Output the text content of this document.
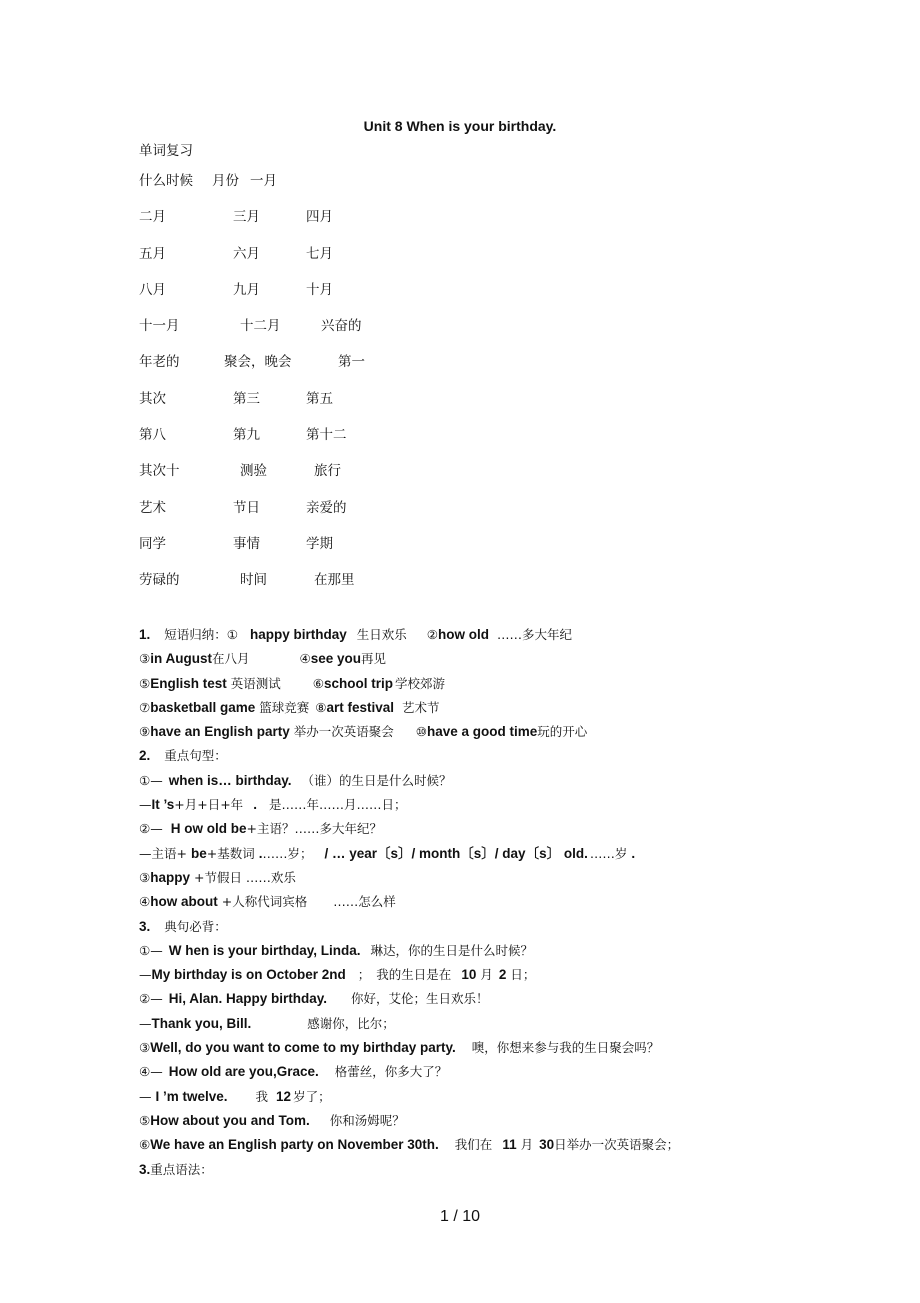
Unit 8 When is your birthday.
单词复习
什么时候 月份 一月
二月	三月	四月
五月	六月	七月
八月	九月	十月
十一月	十二月	兴奋的
年老的	聚会，晚会	第一
其次	第三	第五
第八	第九	第十二
其次十	测验	旅行
艺术	节日	亲爱的
同学	事情	学期
劳碌的	时间	在那里
1. 短语归纳：① happy birthday 生日欢乐 ②how old ……多大年纪
③in August在八月	④see you再见
⑤English test 英语测试	⑥school trip 学校郊游
⑦basketball game 篮球竞赛 ⑧art festival 艺术节
⑨have an English party 举办一次英语聚会 ⑩have a good time玩的开心
2. 重点句型：
①— when is… birthday. （谁）的生日是什么时候？
—It ’s+月+日+年 . 是……年……月……日；
②— H ow old be+主语？……多大年纪？
—主语+ be+基数词 .……岁； / … year〔s〕/ month〔s〕/ day〔s〕 old. ……岁 .
③happy +节假日 ……欢乐
④how about +人称代词宾格 ……怎么样
3. 典句必背：
①— W hen is your birthday, Linda. 琳达，你的生日是什么时候？
—My birthday is on October 2nd ； 我的生日是在 10 月 2 日；
②— Hi, Alan. Happy birthday. 你好，艾伦；生日欢乐！
—Thank you, Bill.	感谢你，比尔；
③Well, do you want to come to my birthday party. 噢，你想来参与我的生日聚会吗？
④— How old are you,Grace. 格蕾丝，你多大了？
— I ’m twelve. 我 12 岁了；
⑤How about you and Tom. 你和汤姆呢？
⑥We have an English party on November 30th. 我们在 11 月 30日举办一次英语聚会；
3.重点语法：
1 / 10
